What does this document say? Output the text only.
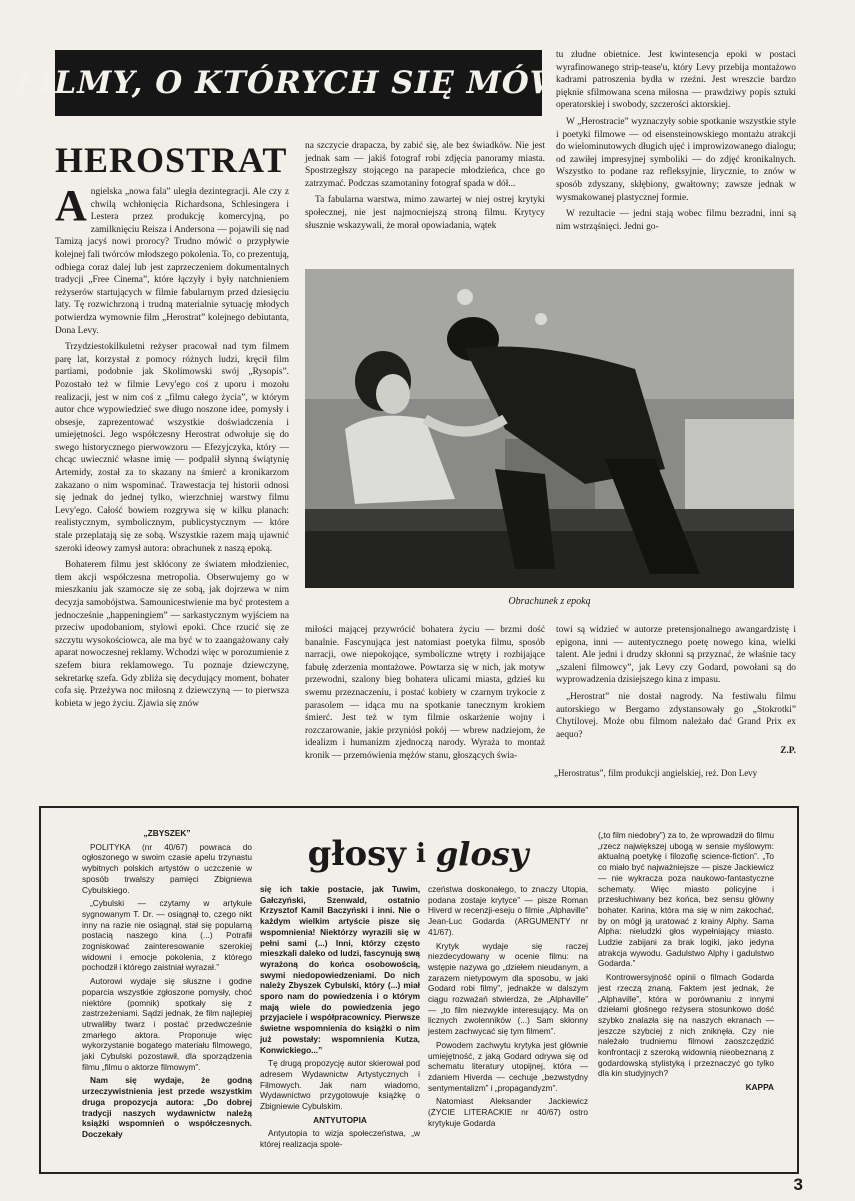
FILMY, O KTÓRYCH SIĘ MÓWI
HEROSTRAT

Angielska „nowa fala” uległa dezintegracji. Ale czy z chwilą wchłonięcia Richardsona, Schlesingera i Lestera przez produkcję komercyjną, po zamilknięciu Reisza i Andersona — pojawili się nad Tamizą jacyś nowi prorocy? Trudno mówić o przypływie kolejnej fali twórców młodszego pokolenia. To, co prezentują, odbiega coraz dalej lub jest zaprzeczeniem dokumentalnych tradycji „Free Cinema”, które łączyły i były natchnieniem reżyserów startujących w filmie fabularnym przed dziesięciu laty. Tę rozwichrzoną i trudną materialnie sytuację młodych potwierdza wymownie film „Herostrat” kolejnego debiutanta, Dona Levy.

Trzydziestokilkuletni reżyser pracował nad tym filmem parę lat, korzystał z pomocy różnych ludzi, kręcił film partiami, podobnie jak Skolimowski swój „Rysopis”. Pozostało też w filmie Levy'ego coś z uporu i mozołu realizacji, jest w nim coś z „filmu całego życia”, w którym autor chce wypowiedzieć swe długo noszone idee, pomysły i obsesje, zaprezentować wszystkie doświadczenia i umiejętności. Jego współczesny Herostrat odwołuje się do swego historycznego pierwowzoru — Efezyjczyka, który — chcąc uwiecznić własne imię — podpalił słynną świątynię Artemidy, został za to skazany na śmierć a kronikarzom zakazano o nim wspominać. Trawestacja tej historii odnosi się jednak do jednej tylko, wierzchniej warstwy filmu Levy'ego. Całość bowiem rozgrywa się w kilku planach: realistycznym, symbolicznym, publicystycznym — które stale przeplatają się ze sobą. Wszystkie razem mają ujawnić szeroki ideowy zamysł autora: obrachunek z naszą epoką.

Bohaterem filmu jest skłócony ze światem młodzieniec, tłem akcji współczesna metropolia. Obserwujemy go w mieszkaniu jak szamocze się ze sobą, jak dojrzewa w nim decyzja samobójstwa. Samounicestwienie ma być protestem a jednocześnie „happeningiem” — sarkastycznym wyjściem na przeciw upodobaniom, stylowi epoki. Chce rzucić się ze szczytu wysokościowca, ale ma być w to zaangażowany cały aparat nowoczesnej reklamy. Wchodzi więc w porozumienie z szefem biura reklamowego. Tu poznaje dziewczynę, sekretarkę szefa. Gdy zbliża się decydujący moment, bohater cofa się. Przeżywa noc miłosną z dziewczyną — to pierwsza kobieta w jego życiu. Zjawia się znów

na szczycie drapacza, by zabić się, ale bez świadków. Nie jest jednak sam — jakiś fotograf robi zdjęcia panoramy miasta. Spostrzegłszy stojącego na parapecie młodzieńca, chce go zatrzymać. Podczas szamotaniny fotograf spada w dół...

Ta fabularna warstwa, mimo zawartej w niej ostrej krytyki społecznej, nie jest najmocniejszą stroną filmu. Krytycy słusznie wskazywali, że morał opowiadania, wątek

tu złudne obietnice. Jest kwintesencja epoki w postaci wyrafinowanego strip-tease'u, który Levy przebija montażowo kadrami patroszenia bydła w rzeźni. Jest wreszcie bardzo pięknie sfilmowana scena miłosna — prawdziwy popis sztuki operatorskiej i swobody, szczerości aktorskiej.

W „Herostracie” wyznaczyły sobie spotkanie wszystkie style i poetyki filmowe — od eisensteinowskiego montażu atrakcji do wielominutowych długich ujęć i improwizowanego dialogu; od zawiłej impresyjnej symboliki — do zdjęć kronikalnych. Wszystko to podane raz refleksyjnie, lirycznie, to znów w sposób zdyszany, skłębiony, gwałtowny; zawsze jednak w wysmakowanej plastycznej formie.

W rezultacie — jedni stają wobec filmu bezradni, inni są nim wstrząśnięci. Jedni go-

Obrachunek z epoką

miłości mającej przywrócić bohatera życiu — brzmi dość banalnie. Fascynująca jest natomiast poetyka filmu, sposób narracji, owe niepokojące, symboliczne wtręty i rozbijające fabułę zderzenia montażowe. Powtarza się w nich, jak motyw przewodni, szalony bieg bohatera ulicami miasta, gdzieś ku swemu przeznaczeniu, i postać kobiety w czarnym trykocie z parasolem — idąca mu na spotkanie tanecznym krokiem śmierć. Jest też w tym filmie oskarżenie wojny i rozczarowanie, jakie przyniósł pokój — wbrew nadziejom, że idealizm i humanizm zjednoczą narody. Wyraża to montaż kronik — przemówienia mężów stanu, głoszących świa-

towi są widzieć w autorze pretensjonalnego awangardzistę i epigona, inni — autentycznego poetę nowego kina, wielki talent. Ale jedni i drudzy skłonni są przyznać, że właśnie tacy „szaleni filmowcy”, jak Levy czy Godard, powołani są do wyprowadzenia dzisiejszego kina z impasu.

„Herostrat” nie dostał nagrody. Na festiwalu filmu autorskiego w Bergamo zdystansowały go „Stokrotki” Chytilovej. Może obu filmom należało dać Grand Prix ex aequo?

Z.P.
„Herostratus”, film produkcji angielskiej, reż. Don Levy
głosy i glosy

„ZBYSZEK”

POLITYKA (nr 40/67) powraca do ogłoszonego w swoim czasie apelu trzynastu wybitnych polskich artystów o uczczenie w sposób trwalszy pamięci Zbigniewa Cybulskiego.

„Cybulski — czytamy w artykule sygnowanym T. Dr. — osiągnął to, czego nikt inny na razie nie osiągnął, stał się popularną postacią naszego kina (...) Potrafił zogniskować zainteresowanie szerokiej widowni i emocje pokolenia, z którego pochodził i którego zaistniał wyrazał.”

Autorowi wydaje się słuszne i godne poparcia wszystkie zgłoszone pomysły, choć niektóre (pomnik) spotkały się z zastrzeżeniami. Sądzi jednak, że film najlepiej utrwaliłby twarz i postać przedwcześnie zmarłego aktora. Proponuje więc wykorzystanie bogatego materiału filmowego, jaki Cybulski pozostawił, dla sporządzenia filmu „filmu o aktorze filmowym”.

Nam się wydaje, że godną urzeczywistnienia jest przede wszystkim druga propozycja autora: „Do dobrej tradycji naszych wydawnictw należą książki wspomnień o współczesnych. Doczekały

się ich takie postacie, jak Tuwim, Gałczyński, Szenwald, ostatnio Krzysztof Kamil Baczyński i inni. Nie o każdym wielkim artyście pisze się wspomnienia! Niektórzy wyrazili się w pełni sami (...) Inni, którzy często mieszkali daleko od ludzi, fascynują swą wyrażoną do końca osobowością, swymi niedopowiedzeniami. Do nich należy Zbyszek Cybulski, który (...) miał sporo nam do powiedzenia i o którym mają wiele do powiedzenia jego przyjaciele i współpracownicy. Pierwsze świetne wspomnienia do książki o nim już powstały: wspomnienia Kutza, Konwickiego...”

Tę drugą propozycję autor skierował pod adresem Wydawnictw Artystycznych i Filmowych. Jak nam wiadomo, Wydawnictwo przygotowuje książkę o Zbigniewie Cybulskim.

ANTYUTOPIA

Antyutopia to wizja społeczeństwa, „w której realizacja spole-

czeństwa doskonałego, to znaczy Utopia, podana zostaje krytyce” — pisze Roman Hiverd w recenzji-eseju o filmie „Alphaville” Jean-Luc Godarda (ARGUMENTY nr 41/67).

Krytyk wydaje się raczej niezdecydowany w ocenie filmu: na wstępie nazywa go „dziełem nieudanym, a zarazem nietypowym dla sposobu, w jaki Godard robi filmy”, jednakże w dalszym ciągu rozważań stwierdza, że „Alphaville” — „to film niezwykle interesujący. Ma on licznych zwolenników (...) Sam skłonny jestem zachwycać się tym filmem”.

Powodem zachwytu krytyka jest głównie umiejętność, z jaką Godard odrywa się od schematu literatury utopijnej, która — zdaniem Hiverda — cechuje „bezwstydny sentymentalizm” i „propagandyzm”.

Natomiast Aleksander Jackiewicz (ŻYCIE LITERACKIE nr 40/67) ostro krytykuje Godarda

(„to film niedobry”) za to, że wprowadził do filmu „rzecz największej ubogą w sensie myślowym: aktualną poetykę i filozofię science-fiction”. „To co miało być najważniejsze — pisze Jackiewicz — nie wykracza poza naukowo-fantastyczne schematy. Więc miasto policyjne i przesłuchiwany bez końca, bez sensu główny bohater. Karina, która ma się w nim zakochać, by on mógł ją uratować z krainy Alphy. Sama Alpha: nieludzki głos wypełniający miasto. Ludzie zabijani za brak logiki, jako jedyna atrakcja wywodu. Gadulstwo Alphy i gadulstwo Godarda.”

Kontrowersyjność opinii o filmach Godarda jest rzeczą znaną. Faktem jest jednak, że „Alphaville”, która w porównaniu z innymi dziełami głośnego reżysera stosunkowo dość szybko znalazła się na naszych ekranach — jeszcze szybciej z nich zniknęła. Czy nie należało trudniemu filmowi zaoszczędzić konfrontacji z szeroką widownią nieobeznaną z godardowską stylistyką i przeznaczyć go tylko dla kin studyjnych?

KAPPA
3
